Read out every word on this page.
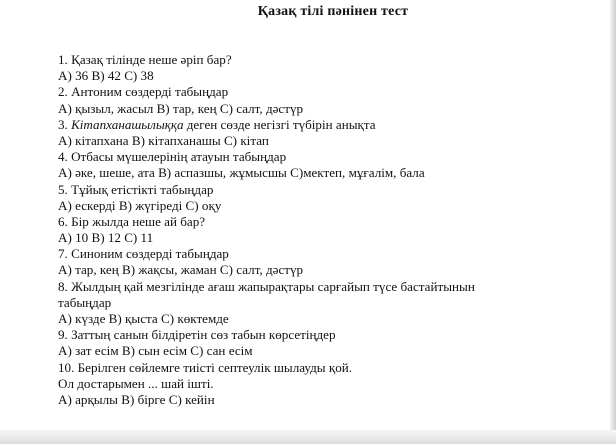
Қазақ тілі пәнінен тест
1. Қазақ тілінде неше әріп бар?
А) 36 В) 42 С) 38
2. Антоним сөздерді табыңдар
А) қызыл, жасыл В) тар, кең С) салт, дәстүр
3. Кітапханашылыққа деген сөзде негізгі түбірін анықта
А) кітапхана В) кітапханашы С) кітап
4. Отбасы мүшелерінің атауын табыңдар
А) әке, шеше, ата В) аспазшы, жұмысшы С)мектеп, мұғалім, бала
5. Тұйық етістікті табыңдар
А) ескерді В) жүгіреді С) оқу
6. Бір жылда неше ай бар?
А) 10 В) 12 С) 11
7. Синоним сөздерді табыңдар
А) тар, кең В) жақсы, жаман С) салт, дәстүр
8. Жылдың қай мезгілінде ағаш жапырақтары сарғайып түсе бастайтынын
табыңдар
А) күзде В) қыста С) көктемде
9. Заттың санын білдіретін сөз табын көрсетіңдер
А) зат есім В) сын есім С) сан есім
10. Берілген сөйлемге тиісті септеулік шылауды қой.
Ол достарымен ... шай ішті.
А) арқылы В) бірге С) кейін
